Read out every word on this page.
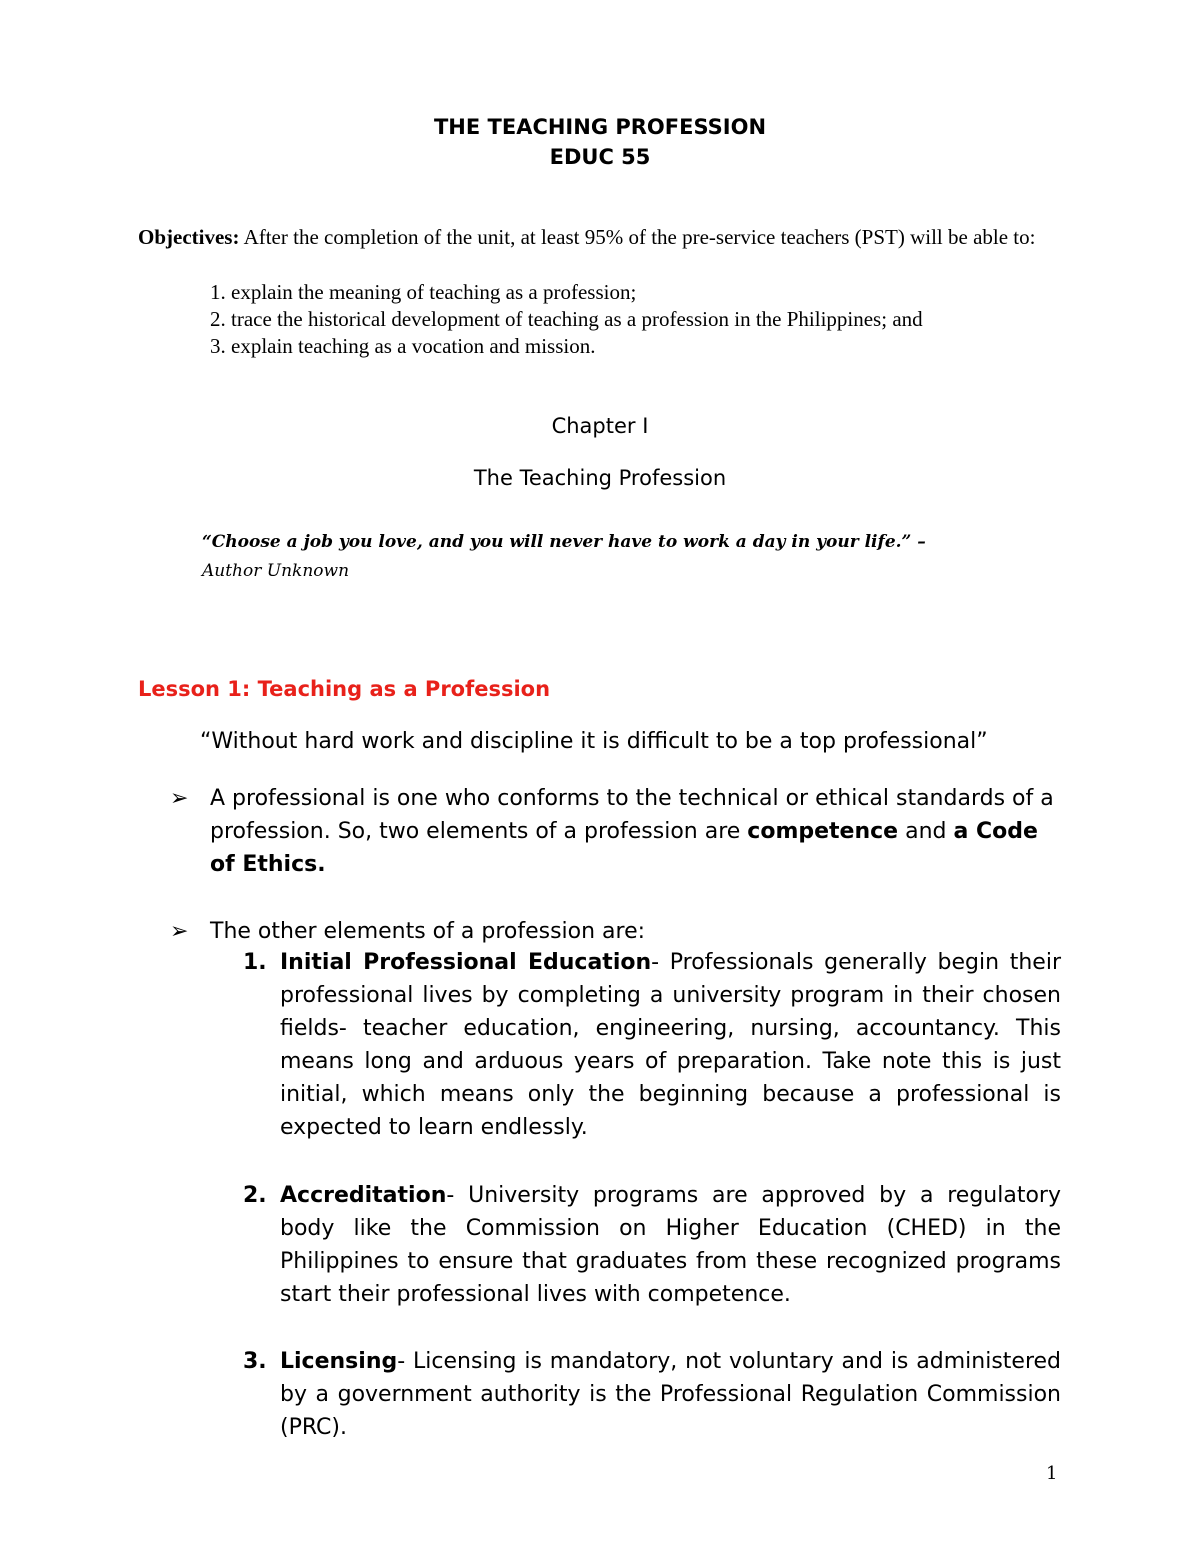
THE TEACHING PROFESSION
EDUC 55
Objectives: After the completion of the unit, at least 95% of the pre-service teachers (PST) will be able to:
1. explain the meaning of teaching as a profession;
2. trace the historical development of teaching as a profession in the Philippines; and
3. explain teaching as a vocation and mission.
Chapter I
The Teaching Profession
“Choose a job you love, and you will never have to work a day in your life.” –
Author Unknown
Lesson 1: Teaching as a Profession
“Without hard work and discipline it is difficult to be a top professional”
➢ A professional is one who conforms to the technical or ethical standards of a profession. So, two elements of a profession are competence and a Code of Ethics.
➢ The other elements of a profession are:
1. Initial Professional Education- Professionals generally begin their professional lives by completing a university program in their chosen fields- teacher education, engineering, nursing, accountancy. This means long and arduous years of preparation. Take note this is just initial, which means only the beginning because a professional is expected to learn endlessly.
2. Accreditation- University programs are approved by a regulatory body like the Commission on Higher Education (CHED) in the Philippines to ensure that graduates from these recognized programs start their professional lives with competence.
3. Licensing- Licensing is mandatory, not voluntary and is administered by a government authority is the Professional Regulation Commission (PRC).
1
